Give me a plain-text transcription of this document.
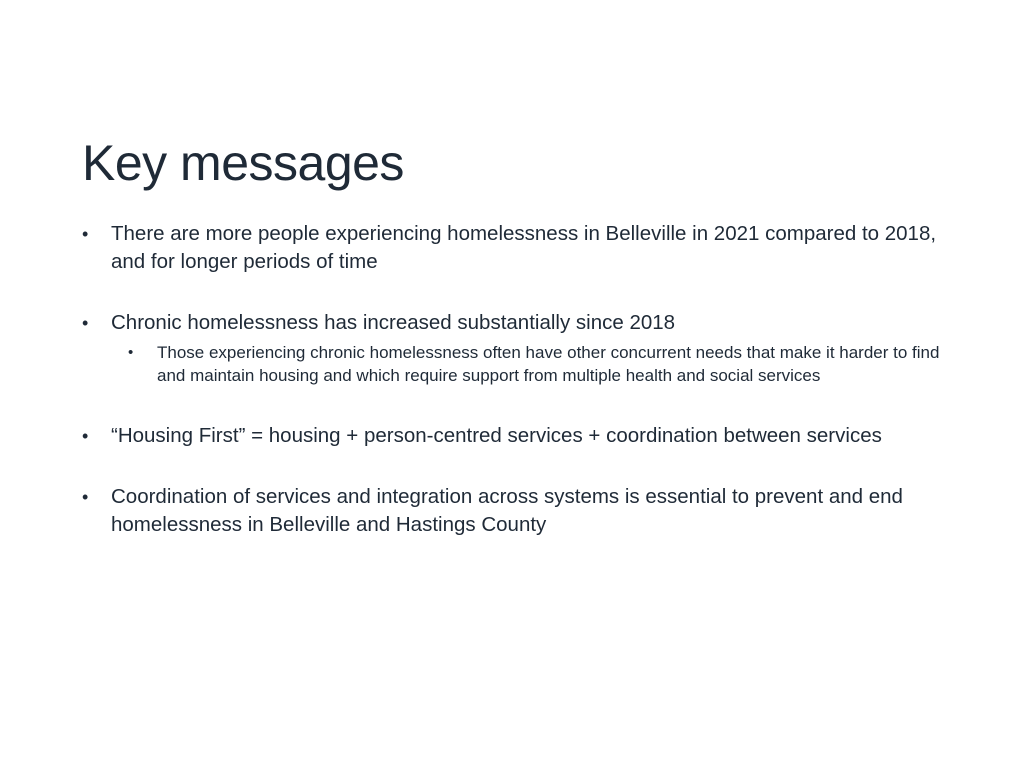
Key messages
• There are more people experiencing homelessness in Belleville in 2021 compared to 2018, and for longer periods of time
• Chronic homelessness has increased substantially since 2018
• Those experiencing chronic homelessness often have other concurrent needs that make it harder to find and maintain housing and which require support from multiple health and social services
• “Housing First” = housing + person-centred services + coordination between services
• Coordination of services and integration across systems is essential to prevent and end homelessness in Belleville and Hastings County
